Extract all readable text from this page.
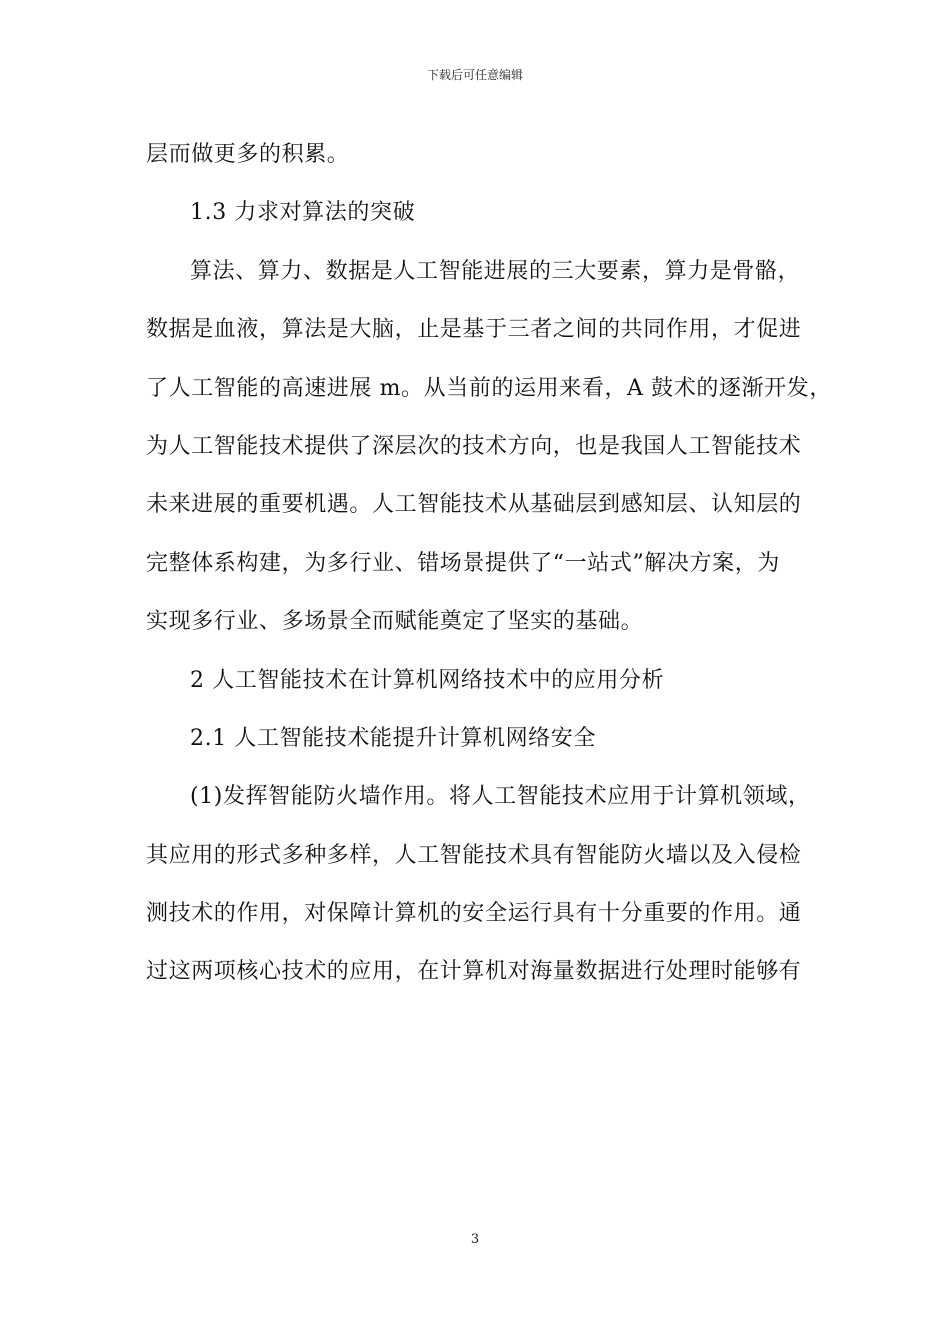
下载后可任意编辑
层而做更多的积累。
1.3 力求对算法的突破
算法、算力、数据是人工智能进展的三大要素，算力是骨骼，
数据是血液，算法是大脑，止是基于三者之间的共同作用，才促进
了人工智能的高速进展 m。从当前的运用来看，A 鼓术的逐渐开发，
为人工智能技术提供了深层次的技术方向，也是我国人工智能技术
未来进展的重要机遇。人工智能技术从基础层到感知层、认知层的
完整体系构建，为多行业、错场景提供了“一站式”解决方案，为
实现多行业、多场景全而赋能奠定了坚实的基础。
2 人工智能技术在计算机网络技术中的应用分析
2.1 人工智能技术能提升计算机网络安全
(1)发挥智能防火墙作用。将人工智能技术应用于计算机领域，
其应用的形式多种多样，人工智能技术具有智能防火墙以及入侵检
测技术的作用，对保障计算机的安全运行具有十分重要的作用。通
过这两项核心技术的应用，在计算机对海量数据进行处理时能够有
3
